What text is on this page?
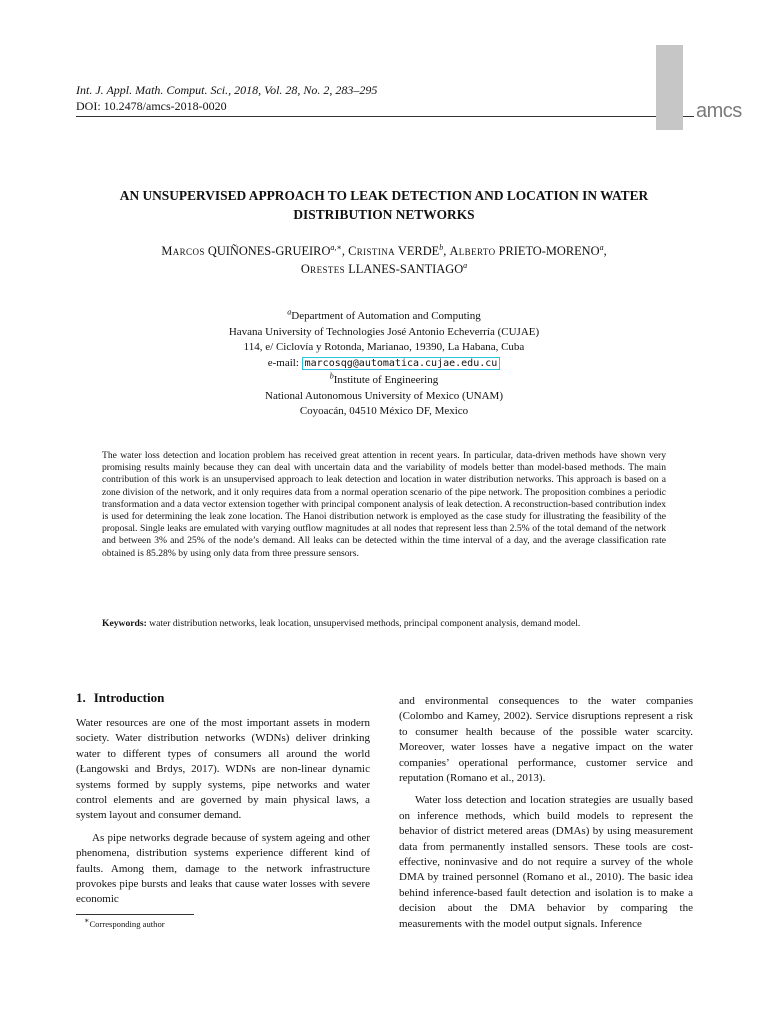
Int. J. Appl. Math. Comput. Sci., 2018, Vol. 28, No. 2, 283–295
DOI: 10.2478/amcs-2018-0020	amcs
AN UNSUPERVISED APPROACH TO LEAK DETECTION AND LOCATION IN WATER DISTRIBUTION NETWORKS
Marcos QUIÑONES-$GRUEIRO^{a,∗}$, Cristina VERDE$^b$, Alberto PRIETO-MORENO$^a$,
Orestes LLANES-SANTIAGO$^a$
$^a$Department of Automation and Computing
Havana University of Technologies José Antonio Echeverría (CUJAE)
114, e/ Ciclovía y Rotonda, Marianao, 19390, La Habana, Cuba
e-mail: marcosqg@automatica.cujae.edu.cu
$^b$Institute of Engineering
National Autonomous University of Mexico (UNAM)
Coyoacán, 04510 México DF, Mexico
The water loss detection and location problem has received great attention in recent years. In particular, data-driven methods have shown very promising results mainly because they can deal with uncertain data and the variability of models better than model-based methods. The main contribution of this work is an unsupervised approach to leak detection and location in water distribution networks. This approach is based on a zone division of the network, and it only requires data from a normal operation scenario of the pipe network. The proposition combines a periodic transformation and a data vector extension together with principal component analysis of leak detection. A reconstruction-based contribution index is used for determining the leak zone location. The Hanoi distribution network is employed as the case study for illustrating the feasibility of the proposal. Single leaks are emulated with varying outflow magnitudes at all nodes that represent less than 2.5% of the total demand of the network and between 3% and 25% of the node’s demand. All leaks can be detected within the time interval of a day, and the average classification rate obtained is 85.28% by using only data from three pressure sensors.
Keywords: water distribution networks, leak location, unsupervised methods, principal component analysis, demand model.
1. Introduction

Water resources are one of the most important assets in modern society. Water distribution networks (WDNs) deliver drinking water to different types of consumers all around the world (Łangowski and Brdys, 2017). WDNs are non-linear dynamic systems formed by supply systems, pipe networks and water control elements and are governed by main physical laws, a system layout and consumer demand.

As pipe networks degrade because of system ageing and other phenomena, distribution systems experience different kind of faults. Among them, damage to the network infrastructure provokes pipe bursts and leaks that cause water losses with severe economic

and environmental consequences to the water companies (Colombo and Kamey, 2002). Service disruptions represent a risk to consumer health because of the possible water scarcity. Moreover, water losses have a negative impact on the water companies’ operational performance, customer service and reputation (Romano et al., 2013).

Water loss detection and location strategies are usually based on inference methods, which build models to represent the behavior of district metered areas (DMAs) by using measurement data from permanently installed sensors. These tools are cost-effective, noninvasive and do not require a survey of the whole DMA by trained personnel (Romano et al., 2010). The basic idea behind inference-based fault detection and isolation is to make a decision about the DMA behavior by comparing the measurements with the model output signals. Inference

∗Corresponding author
